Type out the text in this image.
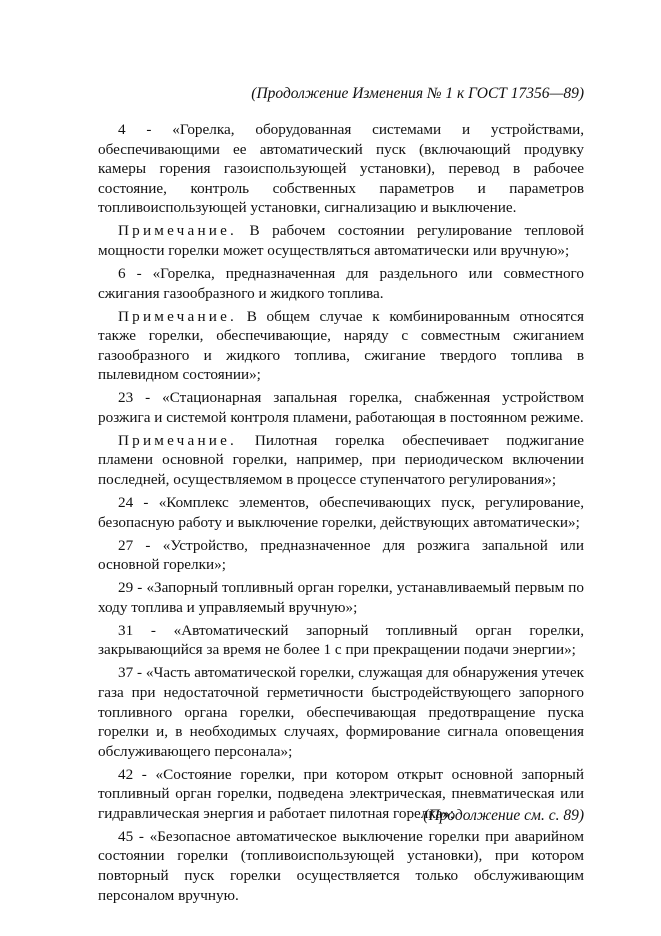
(Продолжение Изменения № 1 к ГОСТ 17356—89)

4 - «Горелка, оборудованная системами и устройствами, обеспечивающими ее автоматический пуск (включающий продувку камеры горения газоиспользующей установки), перевод в рабочее состояние, контроль собственных параметров и параметров топливоиспользующей установки, сигнализацию и выключение.

Примечание. В рабочем состоянии регулирование тепловой мощности горелки может осуществляться автоматически или вручную»;

6 - «Горелка, предназначенная для раздельного или совместного сжигания газообразного и жидкого топлива.

Примечание. В общем случае к комбинированным относятся также горелки, обеспечивающие, наряду с совместным сжиганием газообразного и жидкого топлива, сжигание твердого топлива в пылевидном состоянии»;

23 - «Стационарная запальная горелка, снабженная устройством розжига и системой контроля пламени, работающая в постоянном режиме.

Примечание. Пилотная горелка обеспечивает поджигание пламени основной горелки, например, при периодическом включении последней, осуществляемом в процессе ступенчатого регулирования»;

24 - «Комплекс элементов, обеспечивающих пуск, регулирование, безопасную работу и выключение горелки, действующих автоматически»;

27 - «Устройство, предназначенное для розжига запальной или основной горелки»;

29 - «Запорный топливный орган горелки, устанавливаемый первым по ходу топлива и управляемый вручную»;

31 - «Автоматический запорный топливный орган горелки, закрывающийся за время не более 1 с при прекращении подачи энергии»;

37 - «Часть автоматической горелки, служащая для обнаружения утечек газа при недостаточной герметичности быстродействующего запорного топливного органа горелки, обеспечивающая предотвращение пуска горелки и, в необходимых случаях, формирование сигнала оповещения обслуживающего персонала»;

42 - «Состояние горелки, при котором открыт основной запорный топливный орган горелки, подведена электрическая, пневматическая или гидравлическая энергия и работает пилотная горелка»;

45 - «Безопасное автоматическое выключение горелки при аварийном состоянии горелки (топливоиспользующей установки), при котором повторный пуск горелки осуществляется только обслуживающим персоналом вручную.

(Продолжение см. с. 89)
